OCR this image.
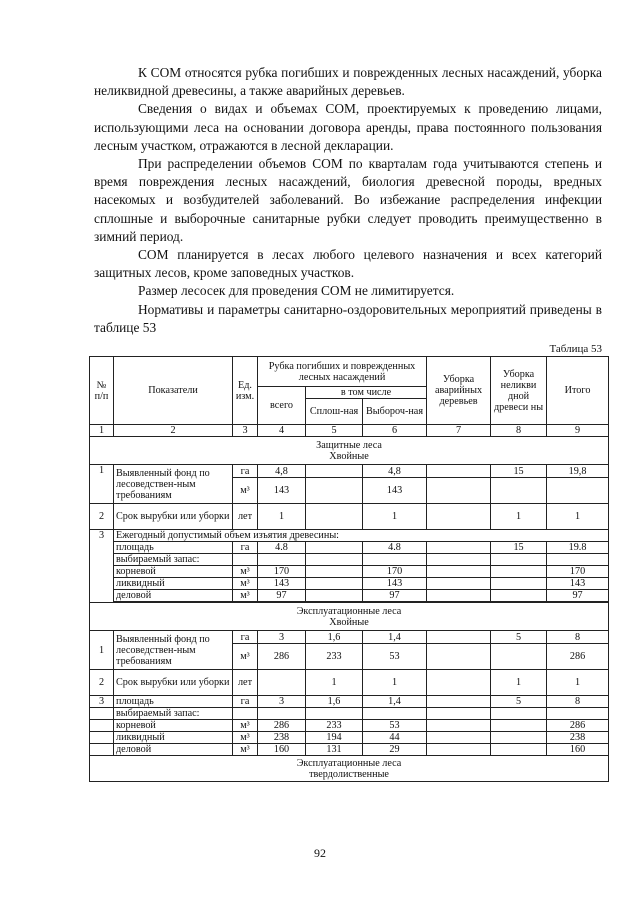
К СОМ относятся рубка погибших и поврежденных лесных насаждений, уборка неликвидной древесины, а также аварийных деревьев.

Сведения о видах и объемах СОМ, проектируемых к проведению лицами, использующими леса на основании договора аренды, права постоянного пользования лесным участком, отражаются в лесной декларации.

При распределении объемов СОМ по кварталам года учитываются степень и время повреждения лесных насаждений, биология древесной породы, вредных насекомых и возбудителей заболеваний. Во избежание распределения инфекции сплошные и выборочные санитарные рубки следует проводить преимущественно в зимний период.

СОМ планируется в лесах любого целевого назначения и всех категорий защитных лесов, кроме заповедных участков.

Размер лесосек для проведения СОМ не лимитируется.

Нормативы и параметры санитарно-оздоровительных мероприятий приведены в таблице 53

Таблица 53
№ п/п	Показатели	Ед. изм.	Рубка погибших и поврежденных лесных насаждений			Уборка аварийных деревьев	Уборка неликви дной древеси ны	Итого
			всего	в том числе				
				Сплош-ная	Выбороч-ная			
1	2	3	4	5	6	7	8	9
Защитные леса
Хвойные								
1	Выявленный фонд по лесоведствен-ным требованиям	га	4,8		4,8		15	19,8
		м³	143		143			
2	Срок вырубки или уборки	лет	1		1		1	1
3	Ежегодный допустимый объем изъятия древесины:							
	площадь	га	4.8		4.8		15	19.8
	выбираемый запас:							
	корневой	м³	170		170			170
	ликвидный	м³	143		143			143
	деловой	м³	97		97			97

Эксплуатационные леса
Хвойные								
1	Выявленный фонд по лесоведствен-ным требованиям	га	3	1,6	1,4		5	8
		м³	286	233	53			286
2	Срок вырубки или уборки	лет		1	1		1	1
3	площадь	га	3	1,6	1,4		5	8
	выбираемый запас:							
	корневой	м³	286	233	53			286
	ликвидный	м³	238	194	44			238
	деловой	м³	160	131	29			160
Эксплуатационные леса
твердолиственные								
92
